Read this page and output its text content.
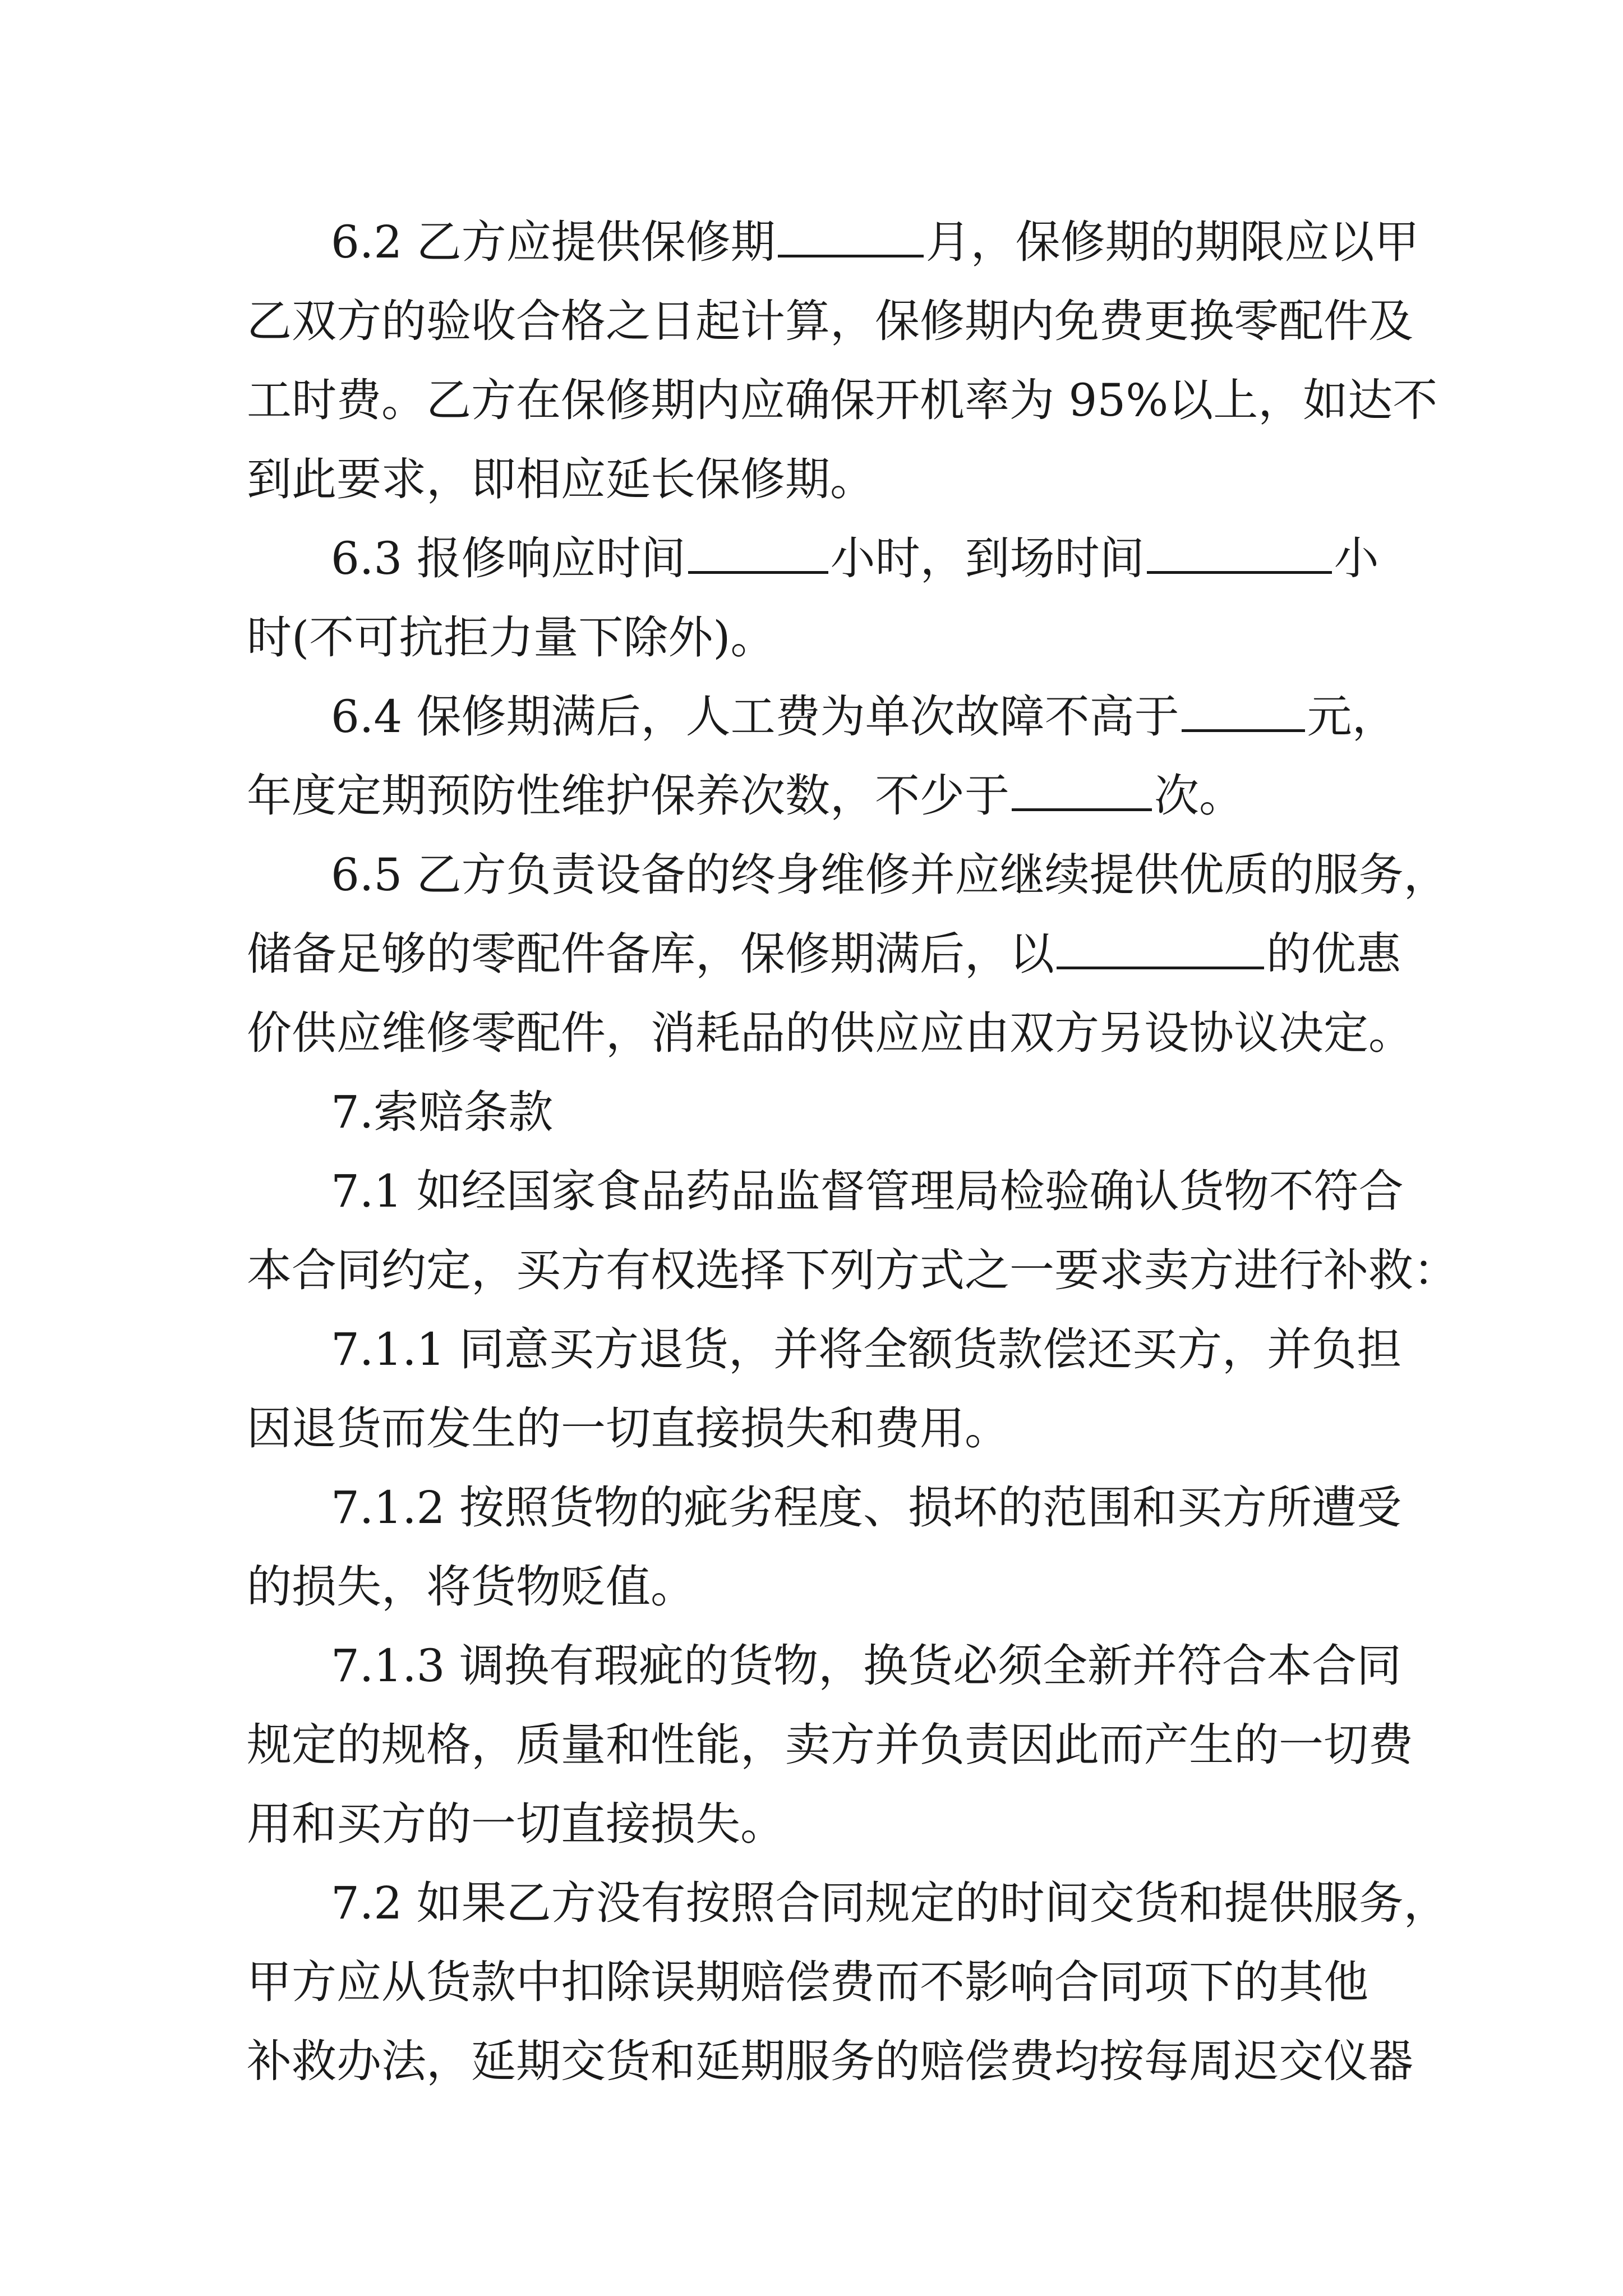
6.2 乙方应提供保修期	月，保修期的期限应以甲
乙双方的验收合格之日起计算，保修期内免费更换零配件及
工时费。乙方在保修期内应确保开机率为 95%以上，如达不
到此要求，即相应延长保修期。
6.3 报修响应时间	小时，到场时间	小
时(不可抗拒力量下除外)。
6.4 保修期满后，人工费为单次故障不高于	元，
年度定期预防性维护保养次数，不少于	次。
6.5 乙方负责设备的终身维修并应继续提供优质的服务，
储备足够的零配件备库，保修期满后，以	的优惠
价供应维修零配件，消耗品的供应应由双方另设协议决定。
7.索赔条款
7.1 如经国家食品药品监督管理局检验确认货物不符合
本合同约定，买方有权选择下列方式之一要求卖方进行补救：
7.1.1 同意买方退货，并将全额货款偿还买方，并负担
因退货而发生的一切直接损失和费用。
7.1.2 按照货物的疵劣程度、损坏的范围和买方所遭受
的损失，将货物贬值。
7.1.3 调换有瑕疵的货物，换货必须全新并符合本合同
规定的规格，质量和性能，卖方并负责因此而产生的一切费
用和买方的一切直接损失。
7.2 如果乙方没有按照合同规定的时间交货和提供服务，
甲方应从货款中扣除误期赔偿费而不影响合同项下的其他
补救办法，延期交货和延期服务的赔偿费均按每周迟交仪器
